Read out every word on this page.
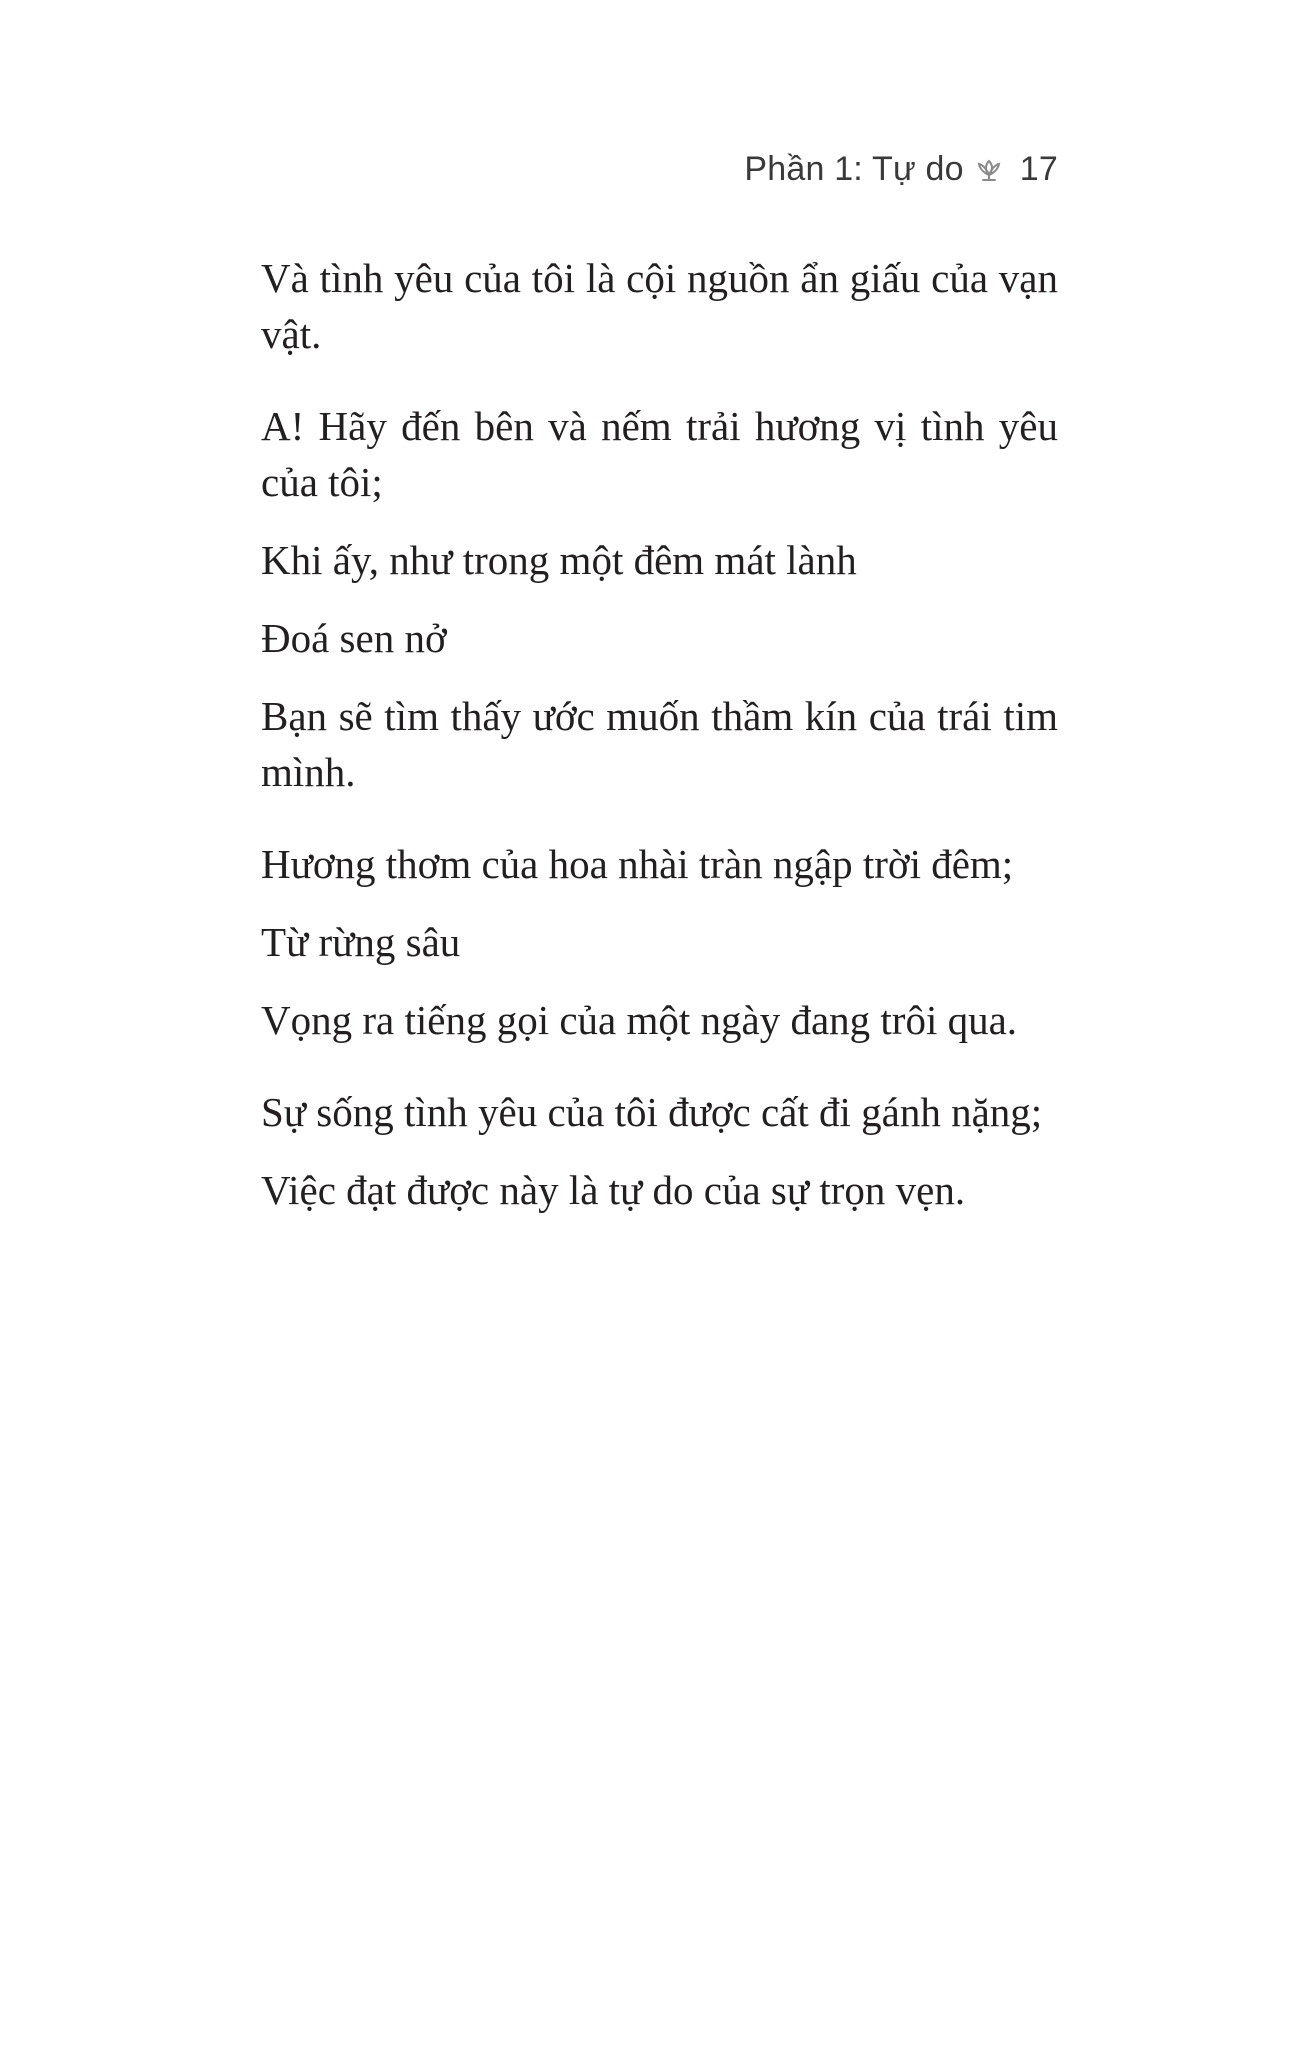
Phần 1: Tự do 17

Và tình yêu của tôi là cội nguồn ẩn giấu của vạn vật.

A! Hãy đến bên và nếm trải hương vị tình yêu của tôi;

Khi ấy, như trong một đêm mát lành

Đoá sen nở

Bạn sẽ tìm thấy ước muốn thầm kín của trái tim mình.

Hương thơm của hoa nhài tràn ngập trời đêm;

Từ rừng sâu

Vọng ra tiếng gọi của một ngày đang trôi qua.

Sự sống tình yêu của tôi được cất đi gánh nặng;

Việc đạt được này là tự do của sự trọn vẹn.
